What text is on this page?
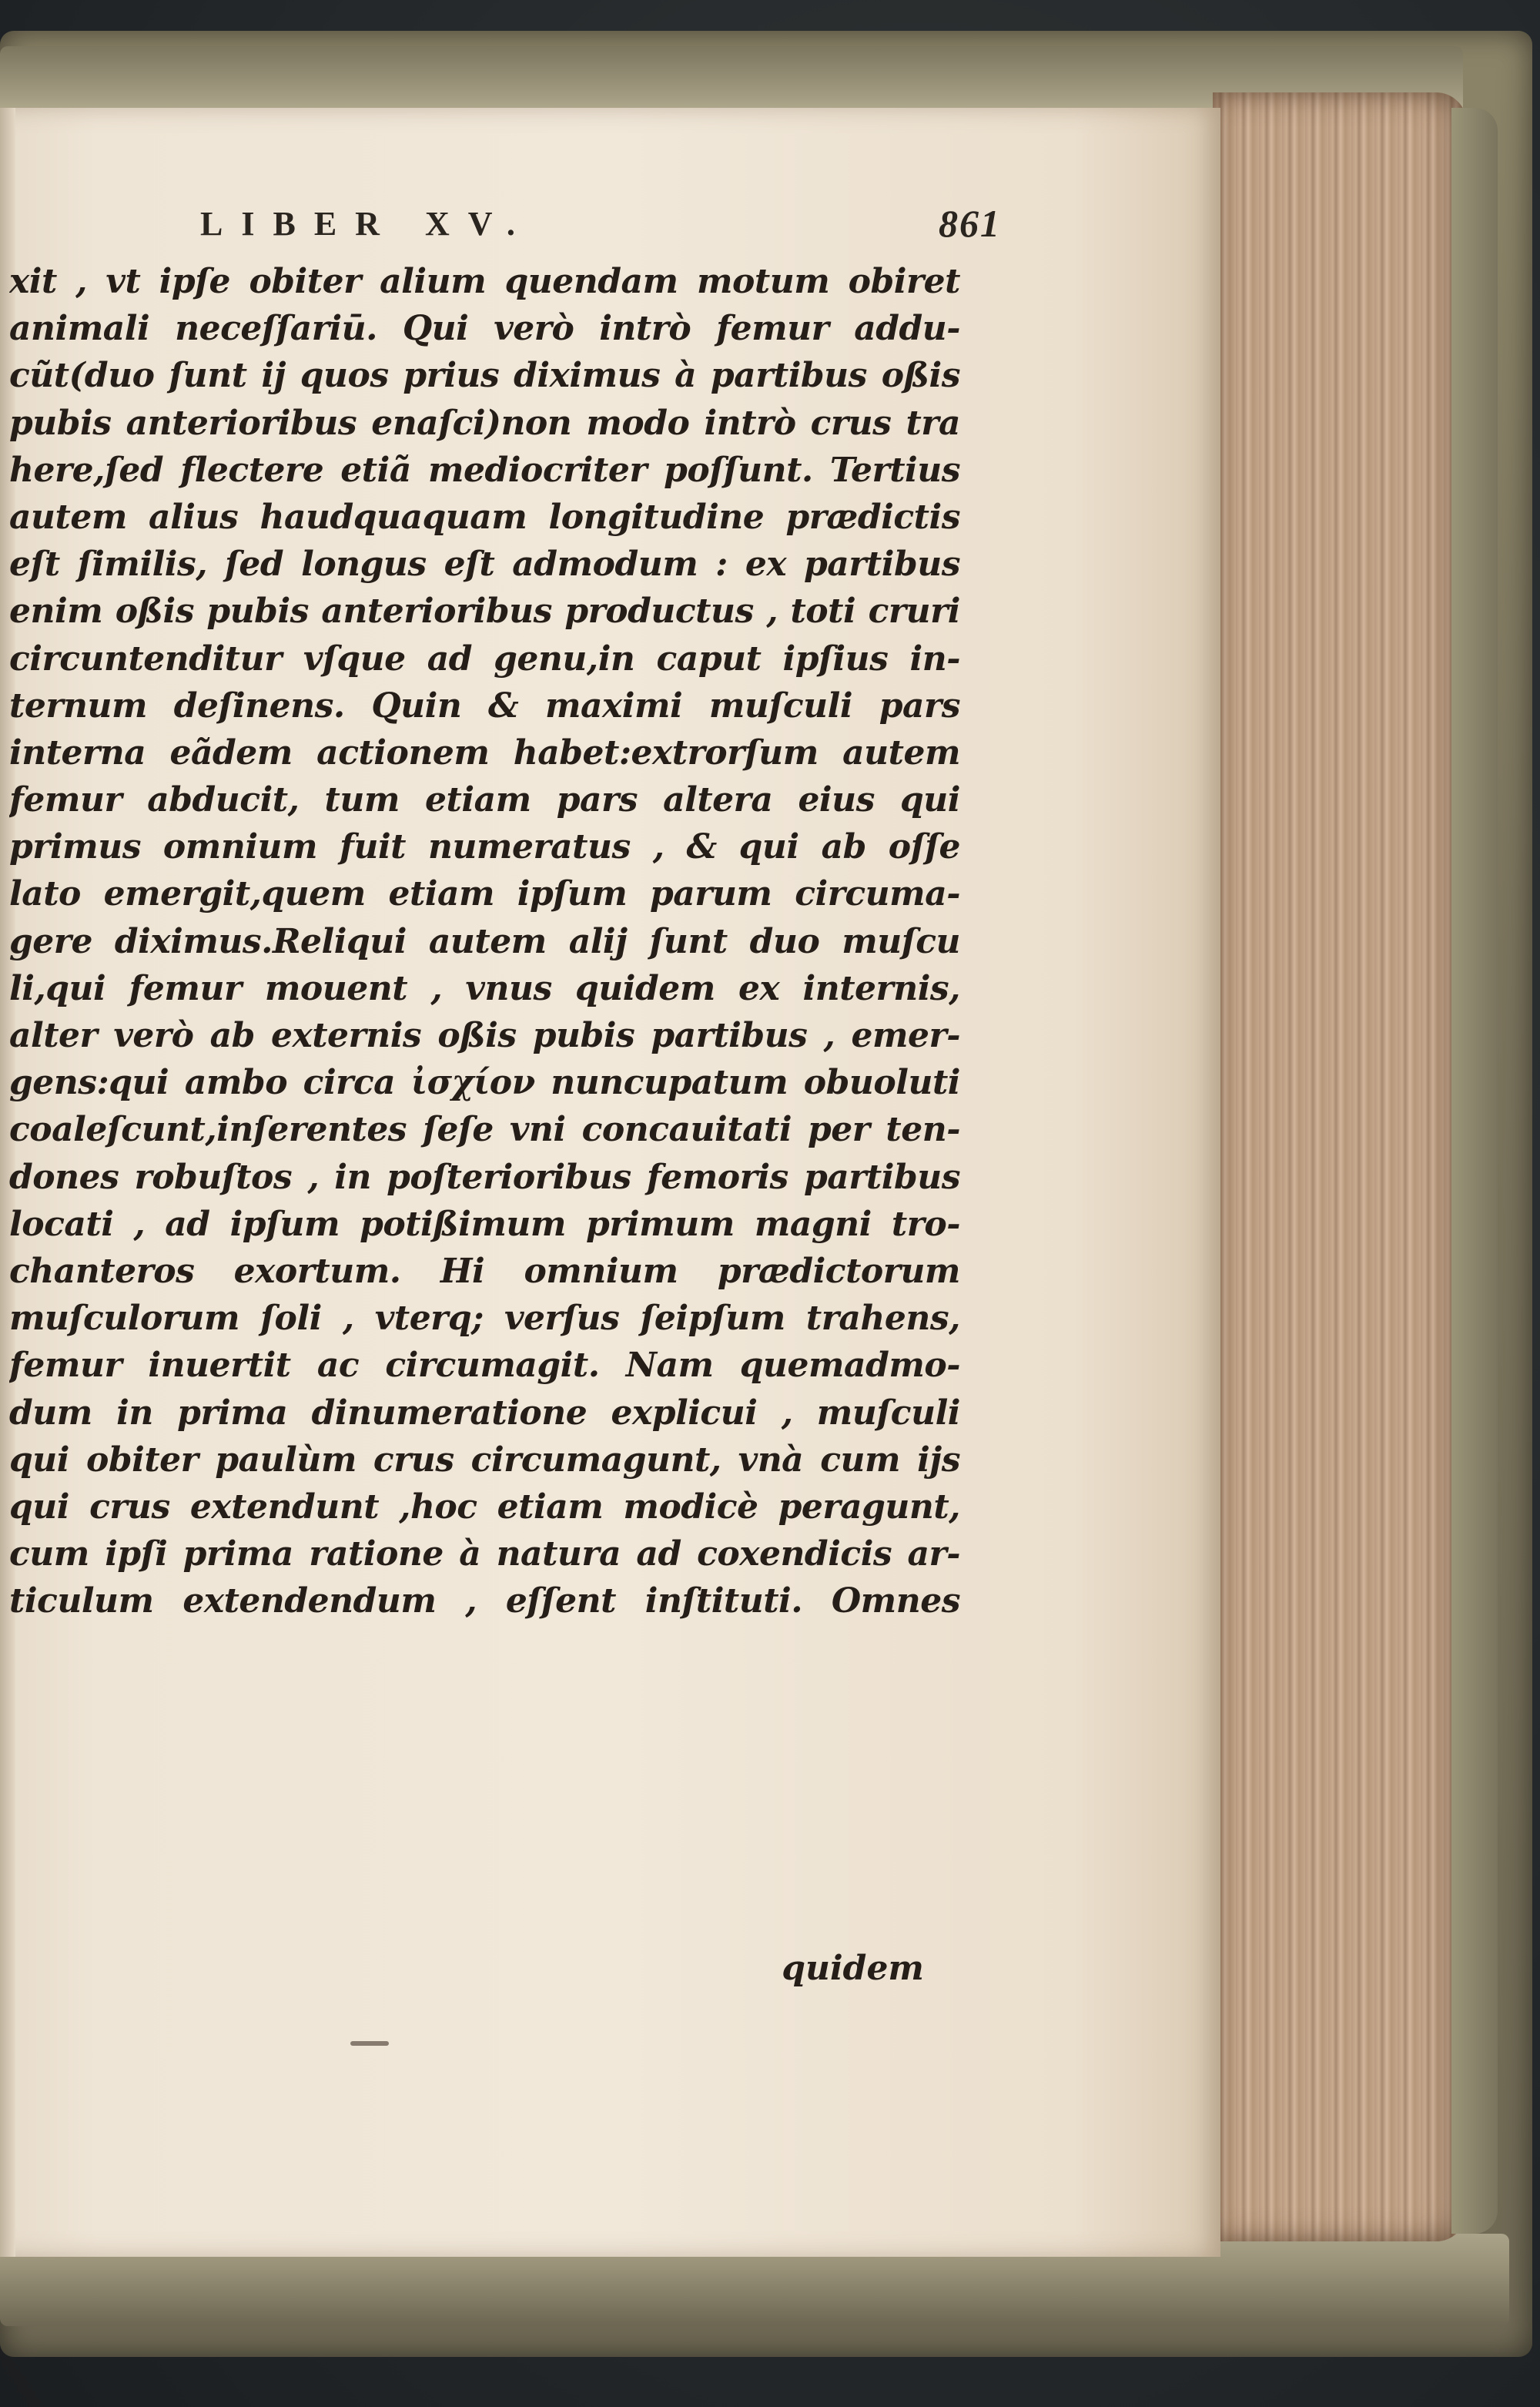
LIBER XV.	861
xit , vt ipſe obiter alium quendam motum obiret
animali neceſſariū. Qui verò intrò femur addu-
cũt(duo ſunt ij quos prius diximus à partibus oßis
pubis anterioribus enaſci)non modo intrò crus tra
here,ſed flectere etiã mediocriter poſſunt. Tertius
autem alius haudquaquam longitudine prædictis
eſt ſimilis, ſed longus eſt admodum : ex partibus
enim oßis pubis anterioribus productus , toti cruri
circuntenditur vſque ad genu,in caput ipſius in-
ternum deſinens. Quin & maximi muſculi pars
interna eãdem actionem habet:extrorſum autem
femur abducit, tum etiam pars altera eius qui
primus omnium fuit numeratus , & qui ab oſſe
lato emergit,quem etiam ipſum parum circuma-
gere diximus.Reliqui autem alij ſunt duo muſcu
li,qui femur mouent , vnus quidem ex internis,
alter verò ab externis oßis pubis partibus , emer-
gens:qui ambo circa ἰσχίον nuncupatum obuoluti
coaleſcunt,inſerentes ſeſe vni concauitati per ten-
dones robuſtos , in poſterioribus femoris partibus
locati , ad ipſum potißimum primum magni tro-
chanteros exortum. Hi omnium prædictorum
muſculorum ſoli , vterq; verſus ſeipſum trahens,
femur inuertit ac circumagit. Nam quemadmo-
dum in prima dinumeratione explicui , muſculi
qui obiter paulùm crus circumagunt, vnà cum ijs
qui crus extendunt ,hoc etiam modicè peragunt,
cum ipſi prima ratione à natura ad coxendicis ar-
ticulum extendendum , eſſent inſtituti. Omnes
quidem
